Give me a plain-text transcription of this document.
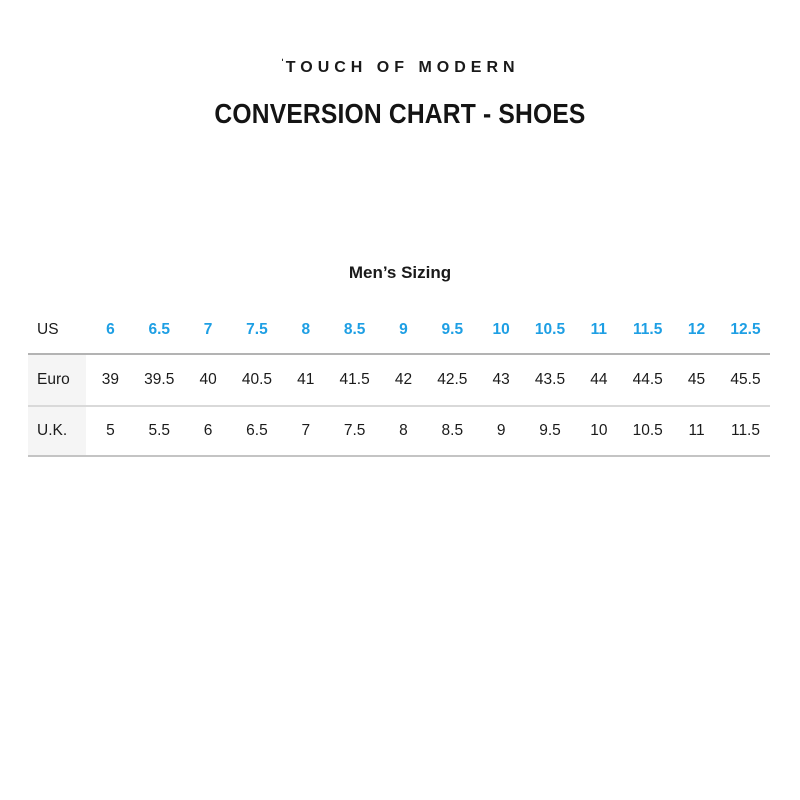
$^ˈ$TOUCH OF MODERN
CONVERSION CHART - SHOES
Men’s Sizing
US	6	6.5	7	7.5	8	8.5	9	9.5	10	10.5	11	11.5	12	12.5
Euro	39	39.5	40	40.5	41	41.5	42	42.5	43	43.5	44	44.5	45	45.5
U.K.	5	5.5	6	6.5	7	7.5	8	8.5	9	9.5	10	10.5	11	11.5
